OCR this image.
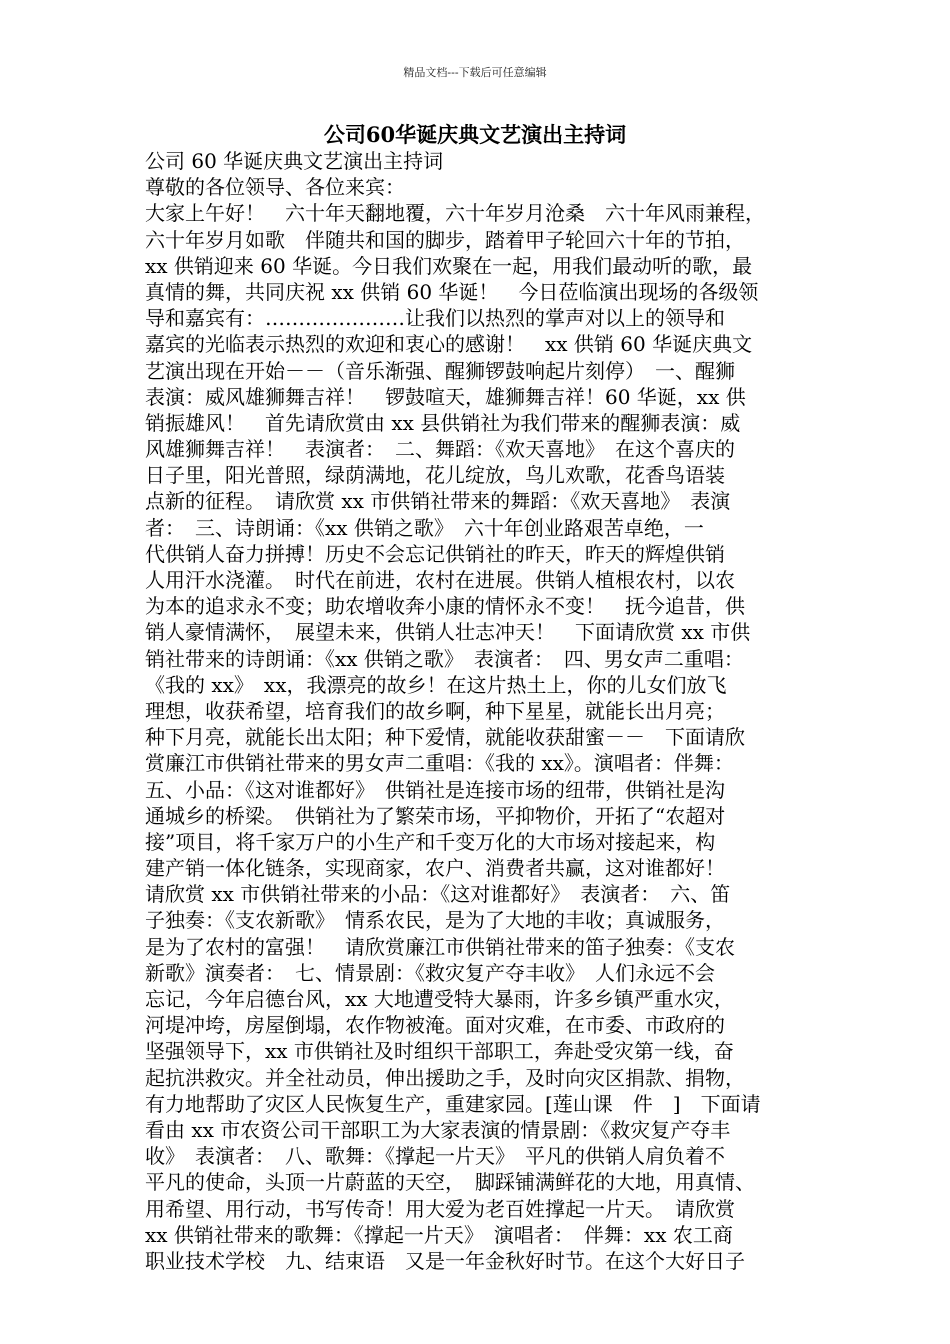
精品文档---下载后可任意编辑
公司60华诞庆典文艺演出主持词
公司 60 华诞庆典文艺演出主持词
尊敬的各位领导、各位来宾：
大家上午好！　六十年天翻地覆，六十年岁月沧桑　六十年风雨兼程，
六十年岁月如歌　伴随共和国的脚步，踏着甲子轮回六十年的节拍，
xx 供销迎来 60 华诞。今日我们欢聚在一起，用我们最动听的歌，最
真情的舞，共同庆祝 xx 供销 60 华诞！　今日莅临演出现场的各级领
导和嘉宾有：…………………让我们以热烈的掌声对以上的领导和
嘉宾的光临表示热烈的欢迎和衷心的感谢！　xx 供销 60 华诞庆典文
艺演出现在开始－－（音乐渐强、醒狮锣鼓响起片刻停）　一、醒狮
表演：威风雄狮舞吉祥！　锣鼓喧天，雄狮舞吉祥！60 华诞，xx 供
销振雄风！　首先请欣赏由 xx 县供销社为我们带来的醒狮表演：威
风雄狮舞吉祥！　表演者：　二、舞蹈：《欢天喜地》　在这个喜庆的
日子里，阳光普照，绿荫满地，花儿绽放，鸟儿欢歌，花香鸟语装
点新的征程。　请欣赏 xx 市供销社带来的舞蹈：《欢天喜地》　表演
者：　三、诗朗诵：《xx 供销之歌》　六十年创业路艰苦卓绝，一
代供销人奋力拼搏！历史不会忘记供销社的昨天，昨天的辉煌供销
人用汗水浇灌。　时代在前进，农村在进展。供销人植根农村，以农
为本的追求永不变；助农增收奔小康的情怀永不变！　抚今追昔，供
销人豪情满怀，　展望未来，供销人壮志冲天！　下面请欣赏 xx 市供
销社带来的诗朗诵：《xx 供销之歌》　表演者：　四、男女声二重唱：
《我的 xx》　xx，我漂亮的故乡！在这片热土上，你的儿女们放飞
理想，收获希望，培育我们的故乡啊，种下星星，就能长出月亮；
种下月亮，就能长出太阳；种下爱情，就能收获甜蜜－－　下面请欣
赏廉江市供销社带来的男女声二重唱：《我的 xx》。演唱者：伴舞：
五、小品：《这对谁都好》　供销社是连接市场的纽带，供销社是沟
通城乡的桥梁。　供销社为了繁荣市场，平抑物价，开拓了“农超对
接”项目，将千家万户的小生产和千变万化的大市场对接起来，构
建产销一体化链条，实现商家，农户、消费者共赢，这对谁都好！
请欣赏 xx 市供销社带来的小品：《这对谁都好》　表演者：　六、笛
子独奏：《支农新歌》　情系农民，是为了大地的丰收；真诚服务，
是为了农村的富强！　请欣赏廉江市供销社带来的笛子独奏：《支农
新歌》演奏者：　七、情景剧：《救灾复产夺丰收》　人们永远不会
忘记，今年启德台风，xx 大地遭受特大暴雨，许多乡镇严重水灾，
河堤冲垮，房屋倒塌，农作物被淹。面对灾难，在市委、市政府的
坚强领导下，xx 市供销社及时组织干部职工，奔赴受灾第一线，奋
起抗洪救灾。并全社动员，伸出援助之手，及时向灾区捐款、捐物，
有力地帮助了灾区人民恢复生产，重建家园。[莲山课　件　]　下面请
看由 xx 市农资公司干部职工为大家表演的情景剧：《救灾复产夺丰
收》　表演者：　八、歌舞：《撑起一片天》　平凡的供销人肩负着不
平凡的使命，头顶一片蔚蓝的天空，　脚踩铺满鲜花的大地，用真情、
用希望、用行动，书写传奇！用大爱为老百姓撑起一片天。　请欣赏
xx 供销社带来的歌舞：《撑起一片天》　演唱者：　伴舞：xx 农工商
职业技术学校　九、结束语　又是一年金秋好时节。在这个大好日子
